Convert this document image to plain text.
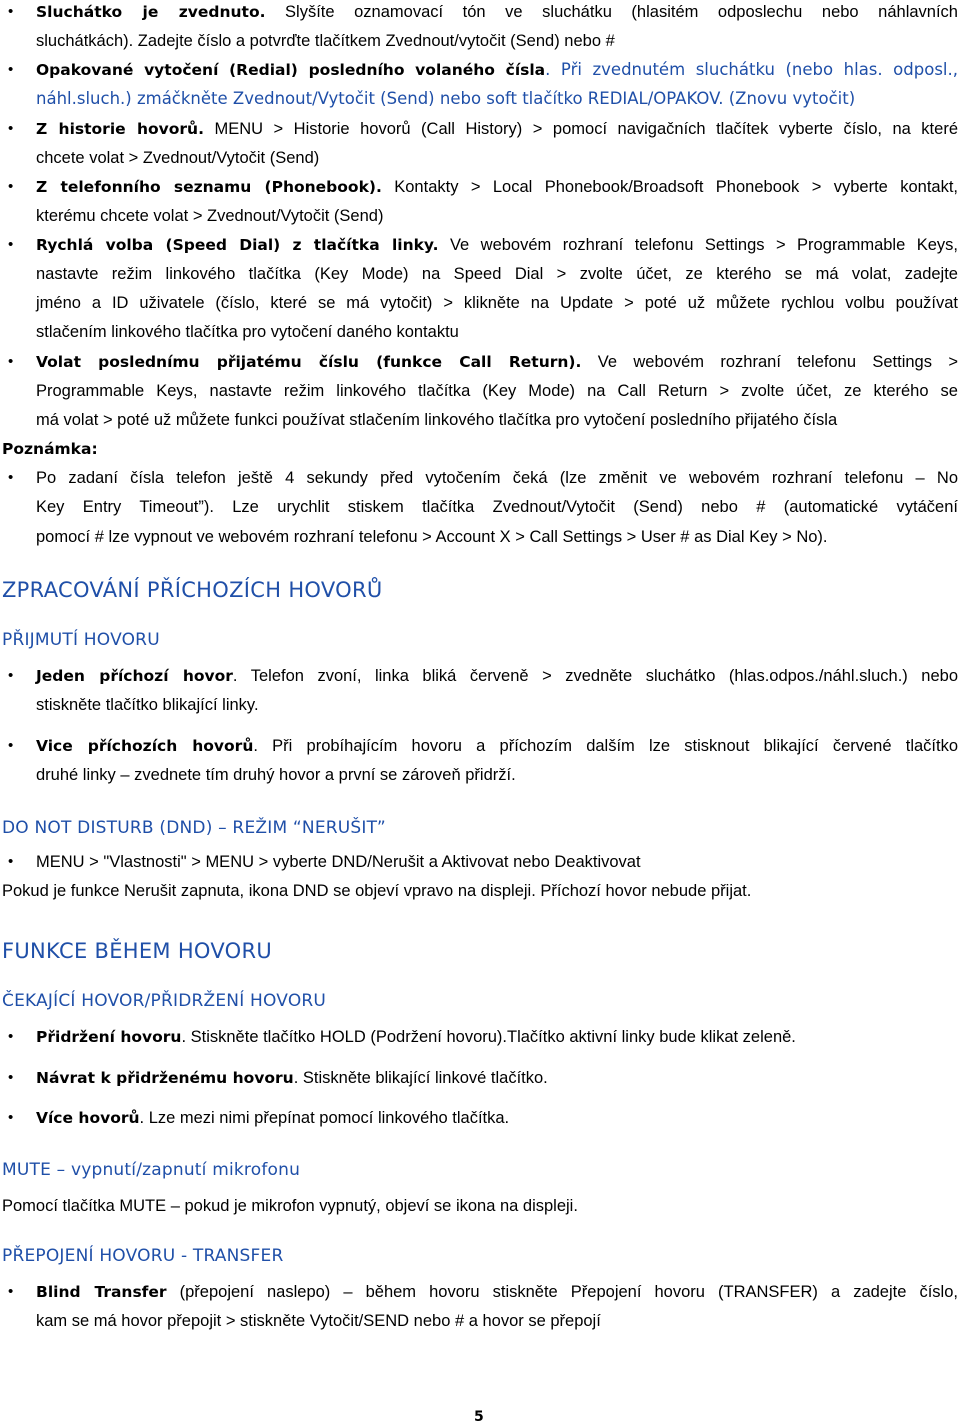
• Sluchátko je zvednuto. Slyšíte oznamovací tón ve sluchátku (hlasitém odposlechu nebo náhlavních
sluchátkách). Zadejte číslo a potvrďte tlačítkem Zvednout/vytočit (Send) nebo #
• Opakované vytočení (Redial) posledního volaného čísla. Při zvednutém sluchátku (nebo hlas. odposl.,
náhl.sluch.) zmáčkněte Zvednout/Vytočit (Send) nebo soft tlačítko REDIAL/OPAKOV. (Znovu vytočit)
• Z historie hovorů. MENU > Historie hovorů (Call History) > pomocí navigačních tlačítek vyberte číslo, na které
chcete volat > Zvednout/Vytočit (Send)
• Z telefonního seznamu (Phonebook). Kontakty > Local Phonebook/Broadsoft Phonebook > vyberte kontakt,
kterému chcete volat > Zvednout/Vytočit (Send)
• Rychlá volba (Speed Dial) z tlačítka linky. Ve webovém rozhraní telefonu Settings > Programmable Keys,
nastavte režim linkového tlačítka (Key Mode) na Speed Dial > zvolte účet, ze kterého se má volat, zadejte
jméno a ID uživatele (číslo, které se má vytočit) > klikněte na Update > poté už můžete rychlou volbu používat
stlačením linkového tlačítka pro vytočení daného kontaktu
• Volat poslednímu přijatému číslu (funkce Call Return). Ve webovém rozhraní telefonu Settings >
Programmable Keys, nastavte režim linkového tlačítka (Key Mode) na Call Return > zvolte účet, ze kterého se
má volat > poté už můžete funkci používat stlačením linkového tlačítka pro vytočení posledního přijatého čísla
Poznámka:
• Po zadaní čísla telefon ještě 4 sekundy před vytočením čeká (lze změnit ve webovém rozhraní telefonu – No
Key Entry Timeout”). Lze urychlit stiskem tlačítka Zvednout/Vytočit (Send) nebo # (automatické vytáčení
pomocí # lze vypnout ve webovém rozhraní telefonu > Account X > Call Settings > User # as Dial Key > No).
ZPRACOVÁNÍ PŘÍCHOZÍCH HOVORŮ
PŘIJMUTÍ HOVORU
• Jeden příchozí hovor. Telefon zvoní, linka bliká červeně > zvedněte sluchátko (hlas.odpos./náhl.sluch.) nebo
stiskněte tlačítko blikající linky.
• Vice příchozích hovorů. Při probíhajícím hovoru a příchozím dalším lze stisknout blikající červené tlačítko
druhé linky – zvednete tím druhý hovor a první se zároveň přidrží.
DO NOT DISTURB (DND) – REŽIM “NERUŠIT”
• MENU > "Vlastnosti" > MENU > vyberte DND/Nerušit a Aktivovat nebo Deaktivovat
Pokud je funkce Nerušit zapnuta, ikona DND se objeví vpravo na displeji. Příchozí hovor nebude přijat.
FUNKCE BĚHEM HOVORU
ČEKAJÍCÍ HOVOR/PŘIDRŽENÍ HOVORU
• Přidržení hovoru. Stiskněte tlačítko HOLD (Podržení hovoru).Tlačítko aktivní linky bude klikat zeleně.
• Návrat k přidrženému hovoru. Stiskněte blikající linkové tlačítko.
• Více hovorů. Lze mezi nimi přepínat pomocí linkového tlačítka.
MUTE – vypnutí/zapnutí mikrofonu
Pomocí tlačítka MUTE – pokud je mikrofon vypnutý, objeví se ikona na displeji.
PŘEPOJENÍ HOVORU - TRANSFER
• Blind Transfer (přepojení naslepo) – během hovoru stiskněte Přepojení hovoru (TRANSFER) a zadejte číslo,
kam se má hovor přepojit > stiskněte Vytočit/SEND nebo # a hovor se přepojí
5
